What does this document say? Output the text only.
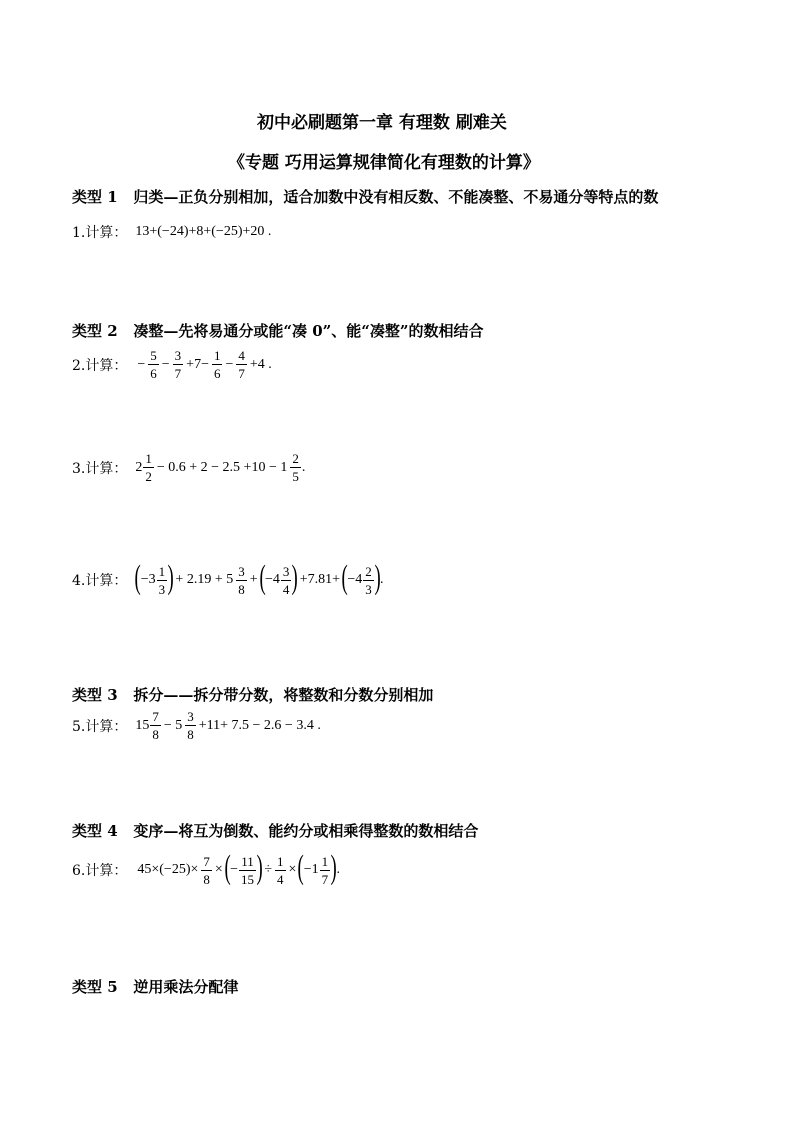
初中必刷题第一章 有理数 刷难关
《专题 巧用运算规律简化有理数的计算》
类型 1 归类—正负分别相加，适合加数中没有相反数、不能凑整、不易通分等特点的数
1.计算： 13+(−24)+8+(−25)+20 .
类型 2 凑整—先将易通分或能“凑 0”、能“凑整”的数相结合
2.计算： − $\frac{5}{6} - \frac{3}{7} +7- \frac{1}{6} - \frac{4}{7} +4$ .
3.计算： $2 \frac{1}{2} - 0.6 + 2 - 2.5 +10 - 1 \frac{2}{5}$ .
4.计算： ( $-3 \frac{1}{3}$ ) + $2.19 + 5 \frac{3}{8}$ + ( $-4 \frac{3}{4}$ ) +7.81+ ( $-4 \frac{2}{3}$ ) .
类型 3 拆分——拆分带分数，将整数和分数分别相加
5.计算： $15 \frac{7}{8} - 5 \frac{3}{8} +11+ 7.5 - 2.6 - 3.4$ .
类型 4 变序—将互为倒数、能约分或相乘得整数的数相结合
6.计算： $45\times(-25)\times \frac{7}{8}$ × ( − $\frac{11}{15}$ ) ÷ $\frac{1}{4}$ × ( $-1 \frac{1}{7}$ ) .
类型 5 逆用乘法分配律
